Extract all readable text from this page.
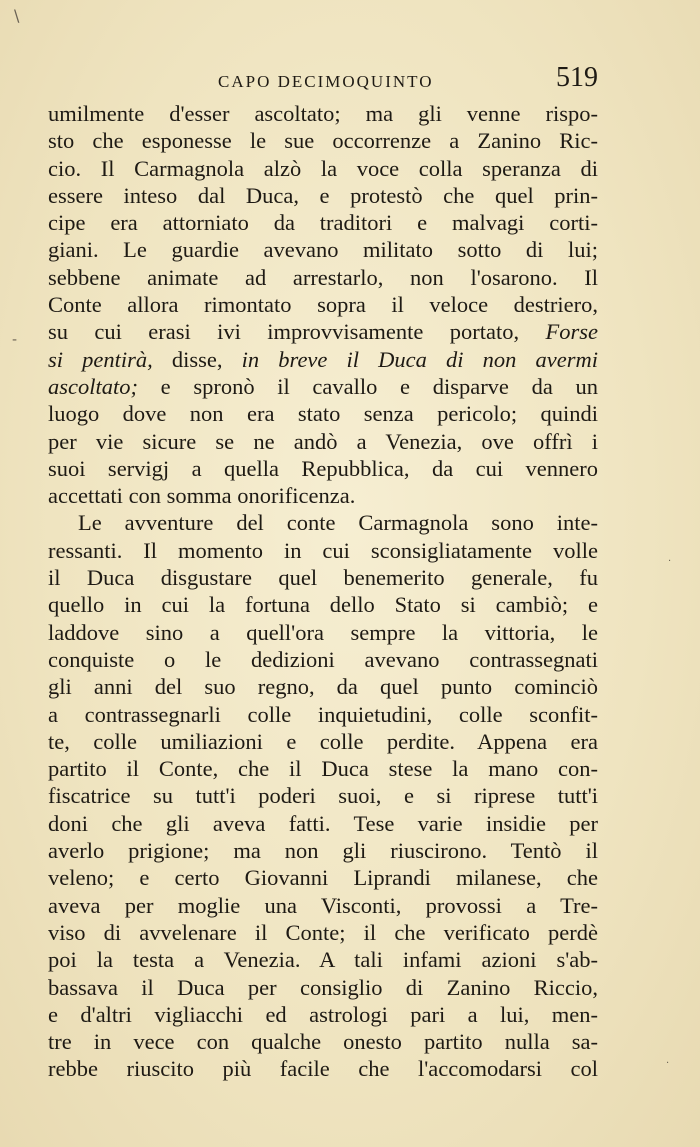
\
-
·
·
CAPO DECIMOQUINTO	519
umilmente d'esser ascoltato; ma gli venne rispo-
sto che esponesse le sue occorrenze a Zanino Ric-
cio. Il Carmagnola alzò la voce colla speranza di
essere inteso dal Duca, e protestò che quel prin-
cipe era attorniato da traditori e malvagi corti-
giani. Le guardie avevano militato sotto di lui;
sebbene animate ad arrestarlo, non l'osarono. Il
Conte allora rimontato sopra il veloce destriero,
su cui erasi ivi improvvisamente portato, Forse
si pentirà, disse, in breve il Duca di non avermi
ascoltato; e spronò il cavallo e disparve da un
luogo dove non era stato senza pericolo; quindi
per vie sicure se ne andò a Venezia, ove offrì i
suoi servigj a quella Repubblica, da cui vennero
accettati con somma onorificenza.
Le avventure del conte Carmagnola sono inte-
ressanti. Il momento in cui sconsigliatamente volle
il Duca disgustare quel benemerito generale, fu
quello in cui la fortuna dello Stato si cambiò; e
laddove sino a quell'ora sempre la vittoria, le
conquiste o le dedizioni avevano contrassegnati
gli anni del suo regno, da quel punto cominciò
a contrassegnarli colle inquietudini, colle sconfit-
te, colle umiliazioni e colle perdite. Appena era
partito il Conte, che il Duca stese la mano con-
fiscatrice su tutt'i poderi suoi, e si riprese tutt'i
doni che gli aveva fatti. Tese varie insidie per
averlo prigione; ma non gli riuscirono. Tentò il
veleno; e certo Giovanni Liprandi milanese, che
aveva per moglie una Visconti, provossi a Tre-
viso di avvelenare il Conte; il che verificato perdè
poi la testa a Venezia. A tali infami azioni s'ab-
bassava il Duca per consiglio di Zanino Riccio,
e d'altri vigliacchi ed astrologi pari a lui, men-
tre in vece con qualche onesto partito nulla sa-
rebbe riuscito più facile che l'accomodarsi col
